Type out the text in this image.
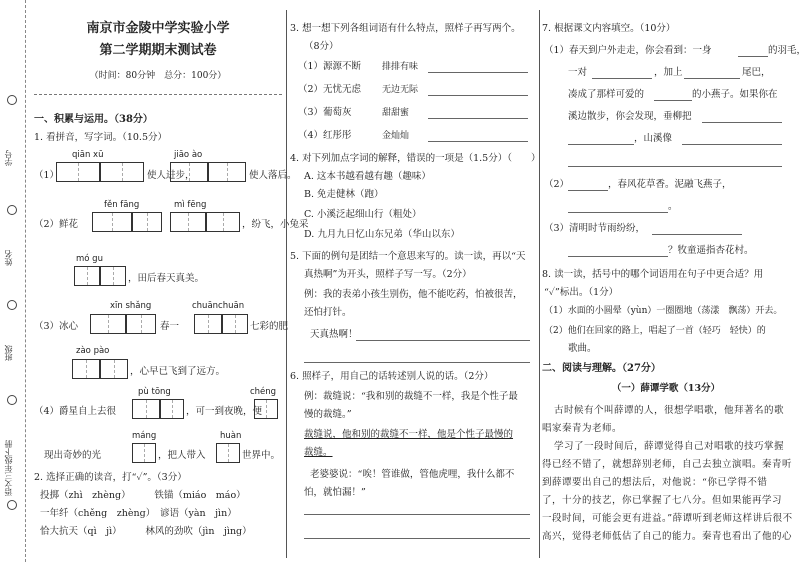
学号
姓名
班级
语文三年级下册
南京市金陵中学实验小学
第二学期期末测试卷
（时间：80分钟　总分：100分）
一、积累与运用。（38分）
1. 看拼音，写字词。（10.5分）
qiān xū	jiāo ào
（1）	使人进步，	使人落后。
fěn fāng	mì fēng
（2）鲜花	，纷飞，小兔采
mó gu
，田后春天真美。
xīn shǎng	chuānchuān
（3）冰心	春一	七彩的肥
zào pào
，心早已飞到了远方。
pù tōng	chéng
（4）爵星自上去很	，可一到夜晚，便
máng	huàn
现出奇妙的光	，把人带入	世界中。
2. 选择正确的读音，打“✓”。（3分）
投掷（zhì　zhèng）　　　铁锚（miáo　máo）
一年纤（chěng　zhèng）　谚语（yàn　jìn）
恰大抗天（qì　jì）　　　林风的劲吹（jìn　jìng）
3. 想一想下列各组词语有什么特点，照样子再写两个。
（8分）
（1）源源不断 排排有味
（2）无忧无虑 无边无际
（3）葡萄灰	甜甜蜜
（4）红彤彤	金灿灿
4. 对下列加点字词的解释，错误的一项是（1.5分）（　　）
A. 这本书越看越有趣（趣味）
B. 免走健林（跑）
C. 小溪泛起细山行（粗处）
D. 九月九日忆山东兄弟（华山以东）
5. 下面的例句是团结一个意思来写的。读一读，再以“天
真热啊”为开头，照样子写一写。（2分）
例：我的表弟小孩生别伤，他不能吃药，怕被很苦，
还怕打针。
天真热啊！
6. 照样子，用自己的话转述别人说的话。（2分）
例：裁缝说：“我和别的裁缝不一样，我是个性子最
慢的裁缝。”
裁缝说，他和别的裁缝不一样，他是个性子最慢的
裁缝。
老婆婆说：“唉！管谁做，管他虎哩，我什么都不
怕，就怕漏！”
7. 根据课文内容填空。（10分）
（1）春天到户外走走，你会看到：一身	的羽毛，
一对	，加上	尾巴，
凑成了那样可爱的	的小燕子。如果你在
溪边散步，你会发现，垂柳把
，山溪像
（2）	，春风花草香。泥融飞燕子，
。
（3）清明时节雨纷纷，
？牧童遥指杏花村。
8. 读一读，括号中的哪个词语用在句子中更合适？用
“✓”标出。（1分）
（1）水面的小圆晕（yùn）一圈圈地（荡漾　飘荡）开去。
（2）他们在回家的路上，唱起了一首（轻巧　轻快）的
歌曲。
二、阅读与理解。（27分）
（一）薛谭学歌（13分）
古时候有个叫薛谭的人，很想学唱歌，他拜著名的歌
唱家秦青为老师。
学习了一段时间后，薛谭觉得自己对唱歌的技巧掌握
得已经不错了，就想辞别老师，自己去独立演唱。秦青听
到薛谭要出自己的想法后，对他说：“你已学得不错
了，十分的技艺，你已掌握了七八分。但如果能再学习
一段时间，可能会更有进益。”薛谭听到老师这样讲后很不
高兴，觉得老师低估了自己的能力。秦青也看出了他的心
